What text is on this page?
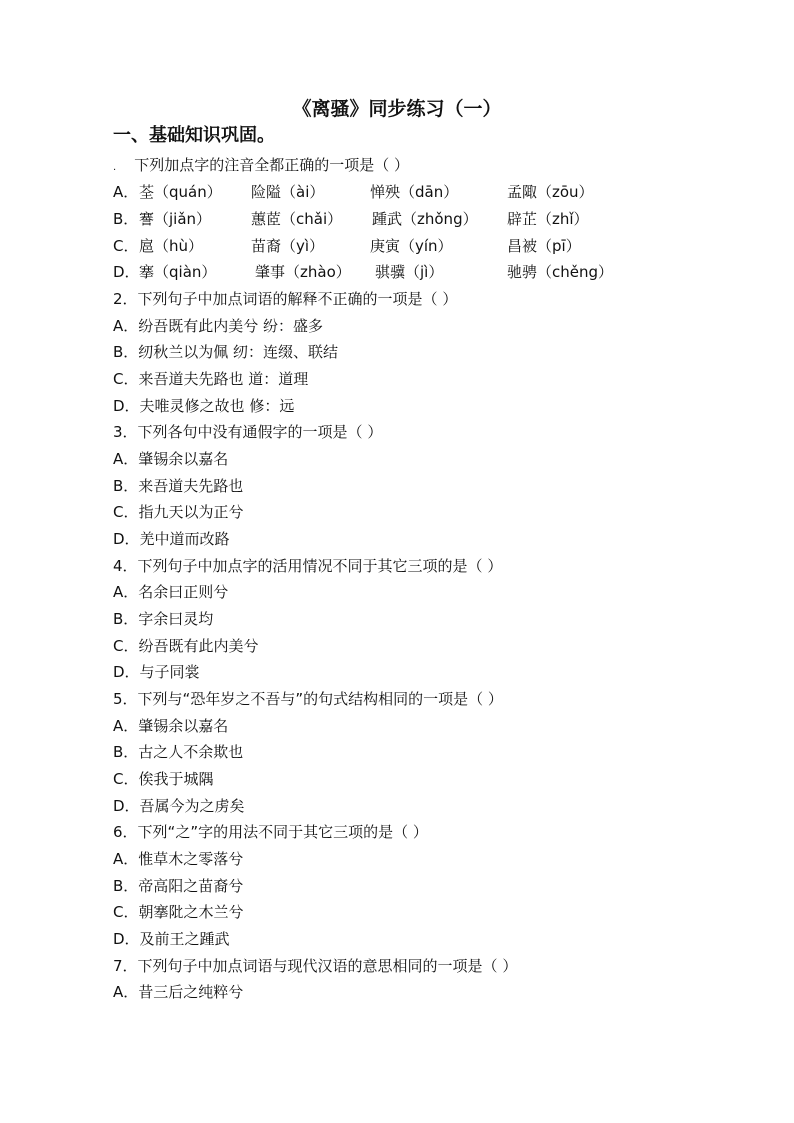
《离骚》同步练习（一）
一、基础知识巩固。
. 下列加点字的注音全都正确的一项是（ ）
A． 荃（quán） 险隘（ài）	惮殃（dān）	孟陬（zōu）
B． 謇（jiǎn）	蕙茝（chǎi） 踵武（zhǒng） 辟芷（zhǐ）
C． 扈（hù）	苗裔（yì）	庚寅（yín）	昌被（pī）
D． 搴（qiàn）	肇事（zhào） 骐骥（jì）	驰骋（chěng）
2．下列句子中加点词语的解释不正确的一项是（ ）
A．纷吾既有此内美兮 纷：盛多
B．纫秋兰以为佩 纫：连缀、联结
C．来吾道夫先路也 道：道理
D．夫唯灵修之故也 修：远
3．下列各句中没有通假字的一项是（ ）
A．肇锡余以嘉名
B．来吾道夫先路也
C．指九天以为正兮
D．羌中道而改路
4．下列句子中加点字的活用情况不同于其它三项的是（ ）
A．名余曰正则兮
B．字余曰灵均
C．纷吾既有此内美兮
D．与子同裳
5．下列与“恐年岁之不吾与”的句式结构相同的一项是（ ）
A．肇锡余以嘉名
B．古之人不余欺也
C．俟我于城隅
D．吾属今为之虏矣
6．下列“之”字的用法不同于其它三项的是（ ）
A．惟草木之零落兮
B．帝高阳之苗裔兮
C．朝搴阰之木兰兮
D．及前王之踵武
7．下列句子中加点词语与现代汉语的意思相同的一项是（ ）
A．昔三后之纯粹兮
